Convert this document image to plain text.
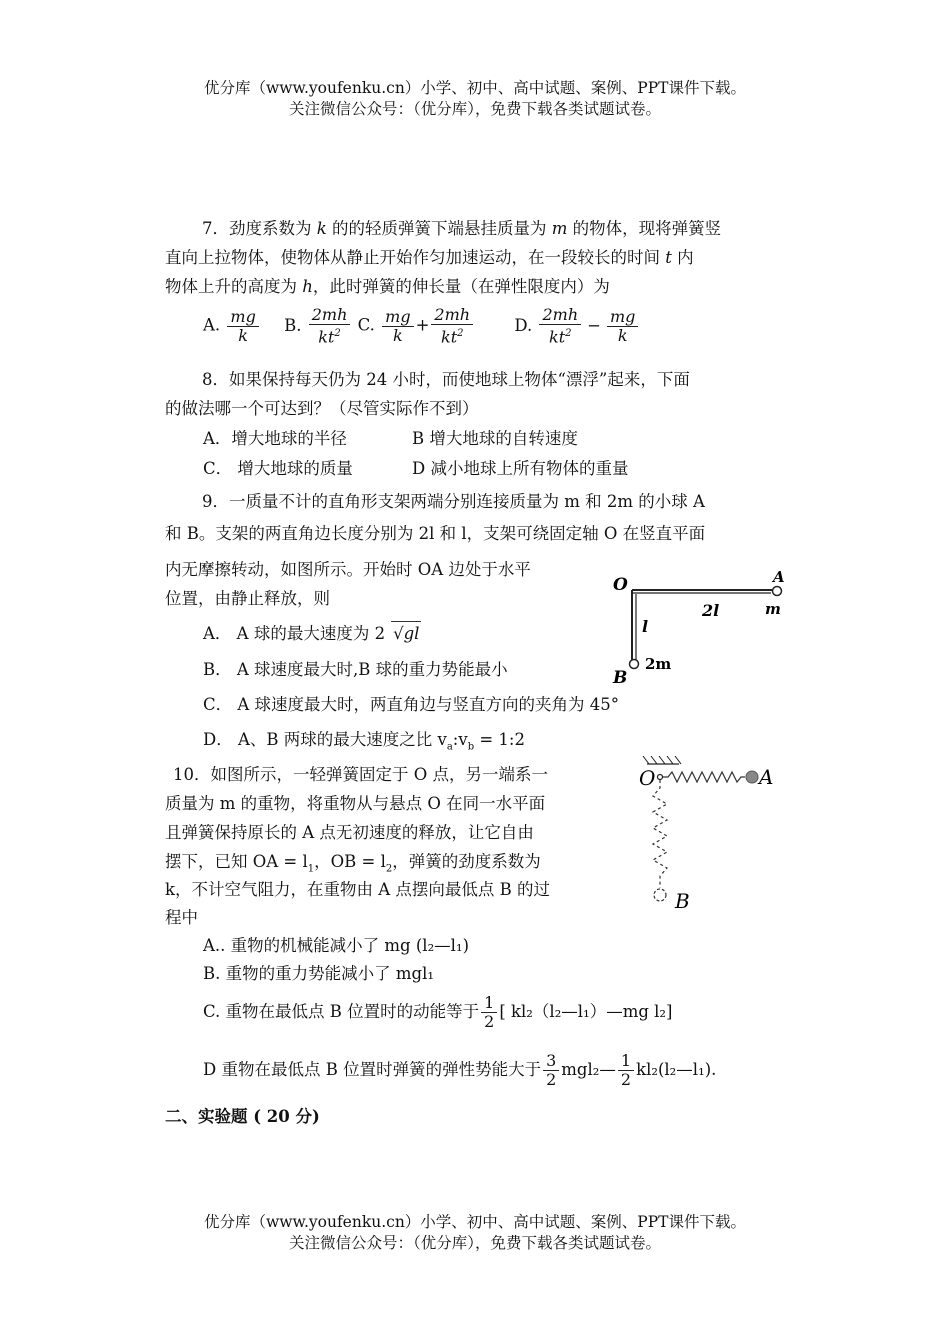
优分库（www.youfenku.cn）小学、初中、高中试题、案例、PPT课件下载。
关注微信公众号：（优分库），免费下载各类试题试卷。
7．劲度系数为 k 的的轻质弹簧下端悬挂质量为 m 的物体，现将弹簧竖
直向上拉物体，使物体从静止开始作匀加速运动，在一段较长的时间 t 内
物体上升的高度为 h，此时弹簧的伸长量（在弹性限度内）为
A. $\frac{mg}{k} B$. $\frac{2mh}{kt^2} C$. $\frac{mg}{k} + \frac{2mh}{kt^2}$	D. $\frac{2mh}{kt^2} - \frac{mg}{k}$
8．如果保持每天仍为 24 小时，而使地球上物体“漂浮”起来，下面
的做法哪一个可达到？（尽管实际作不到）
A．增大地球的半径	B 增大地球的自转速度
C． 增大地球的质量	D 减小地球上所有物体的重量
9．一质量不计的直角形支架两端分别连接质量为 m 和 2m 的小球 A
和 B。支架的两直角边长度分别为 2l 和 l，支架可绕固定轴 O 在竖直平面
内无摩擦转动，如图所示。开始时 OA 边处于水平
位置，由静止释放，则
O	A
m
2l
l
B
2m
A． A 球的最大速度为 2 √gl
B． A 球速度最大时,B 球的重力势能最小
C． A 球速度最大时，两直角边与竖直方向的夹角为 45°
D． A、B 两球的最大速度之比 $v_a:v_b$ = 1:2
10．如图所示，一轻弹簧固定于 O 点，另一端系一
质量为 m 的重物，将重物从与悬点 O 在同一水平面
且弹簧保持原长的 A 点无初速度的释放，让它自由
摆下，已知 OA = $l_1$，OB = $l_2$，弹簧的劲度系数为
k，不计空气阻力，在重物由 A 点摆向最低点 B 的过
程中
O	A
B
A.. 重物的机械能减小了 mg (l₂—l₁)
B. 重物的重力势能减小了 mgl₁
C. 重物在最低点 B 位置时的动能等于 $\frac{1}{2}$ [ kl₂（l₂—l₁）—mg l₂]
D 重物在最低点 B 位置时弹簧的弹性势能大于 $\frac{3}{2}$ mgl₂— $\frac{1}{2}$ kl₂(l₂—l₁).
二、实验题 ( 20 分)
优分库（www.youfenku.cn）小学、初中、高中试题、案例、PPT课件下载。
关注微信公众号：（优分库），免费下载各类试题试卷。
